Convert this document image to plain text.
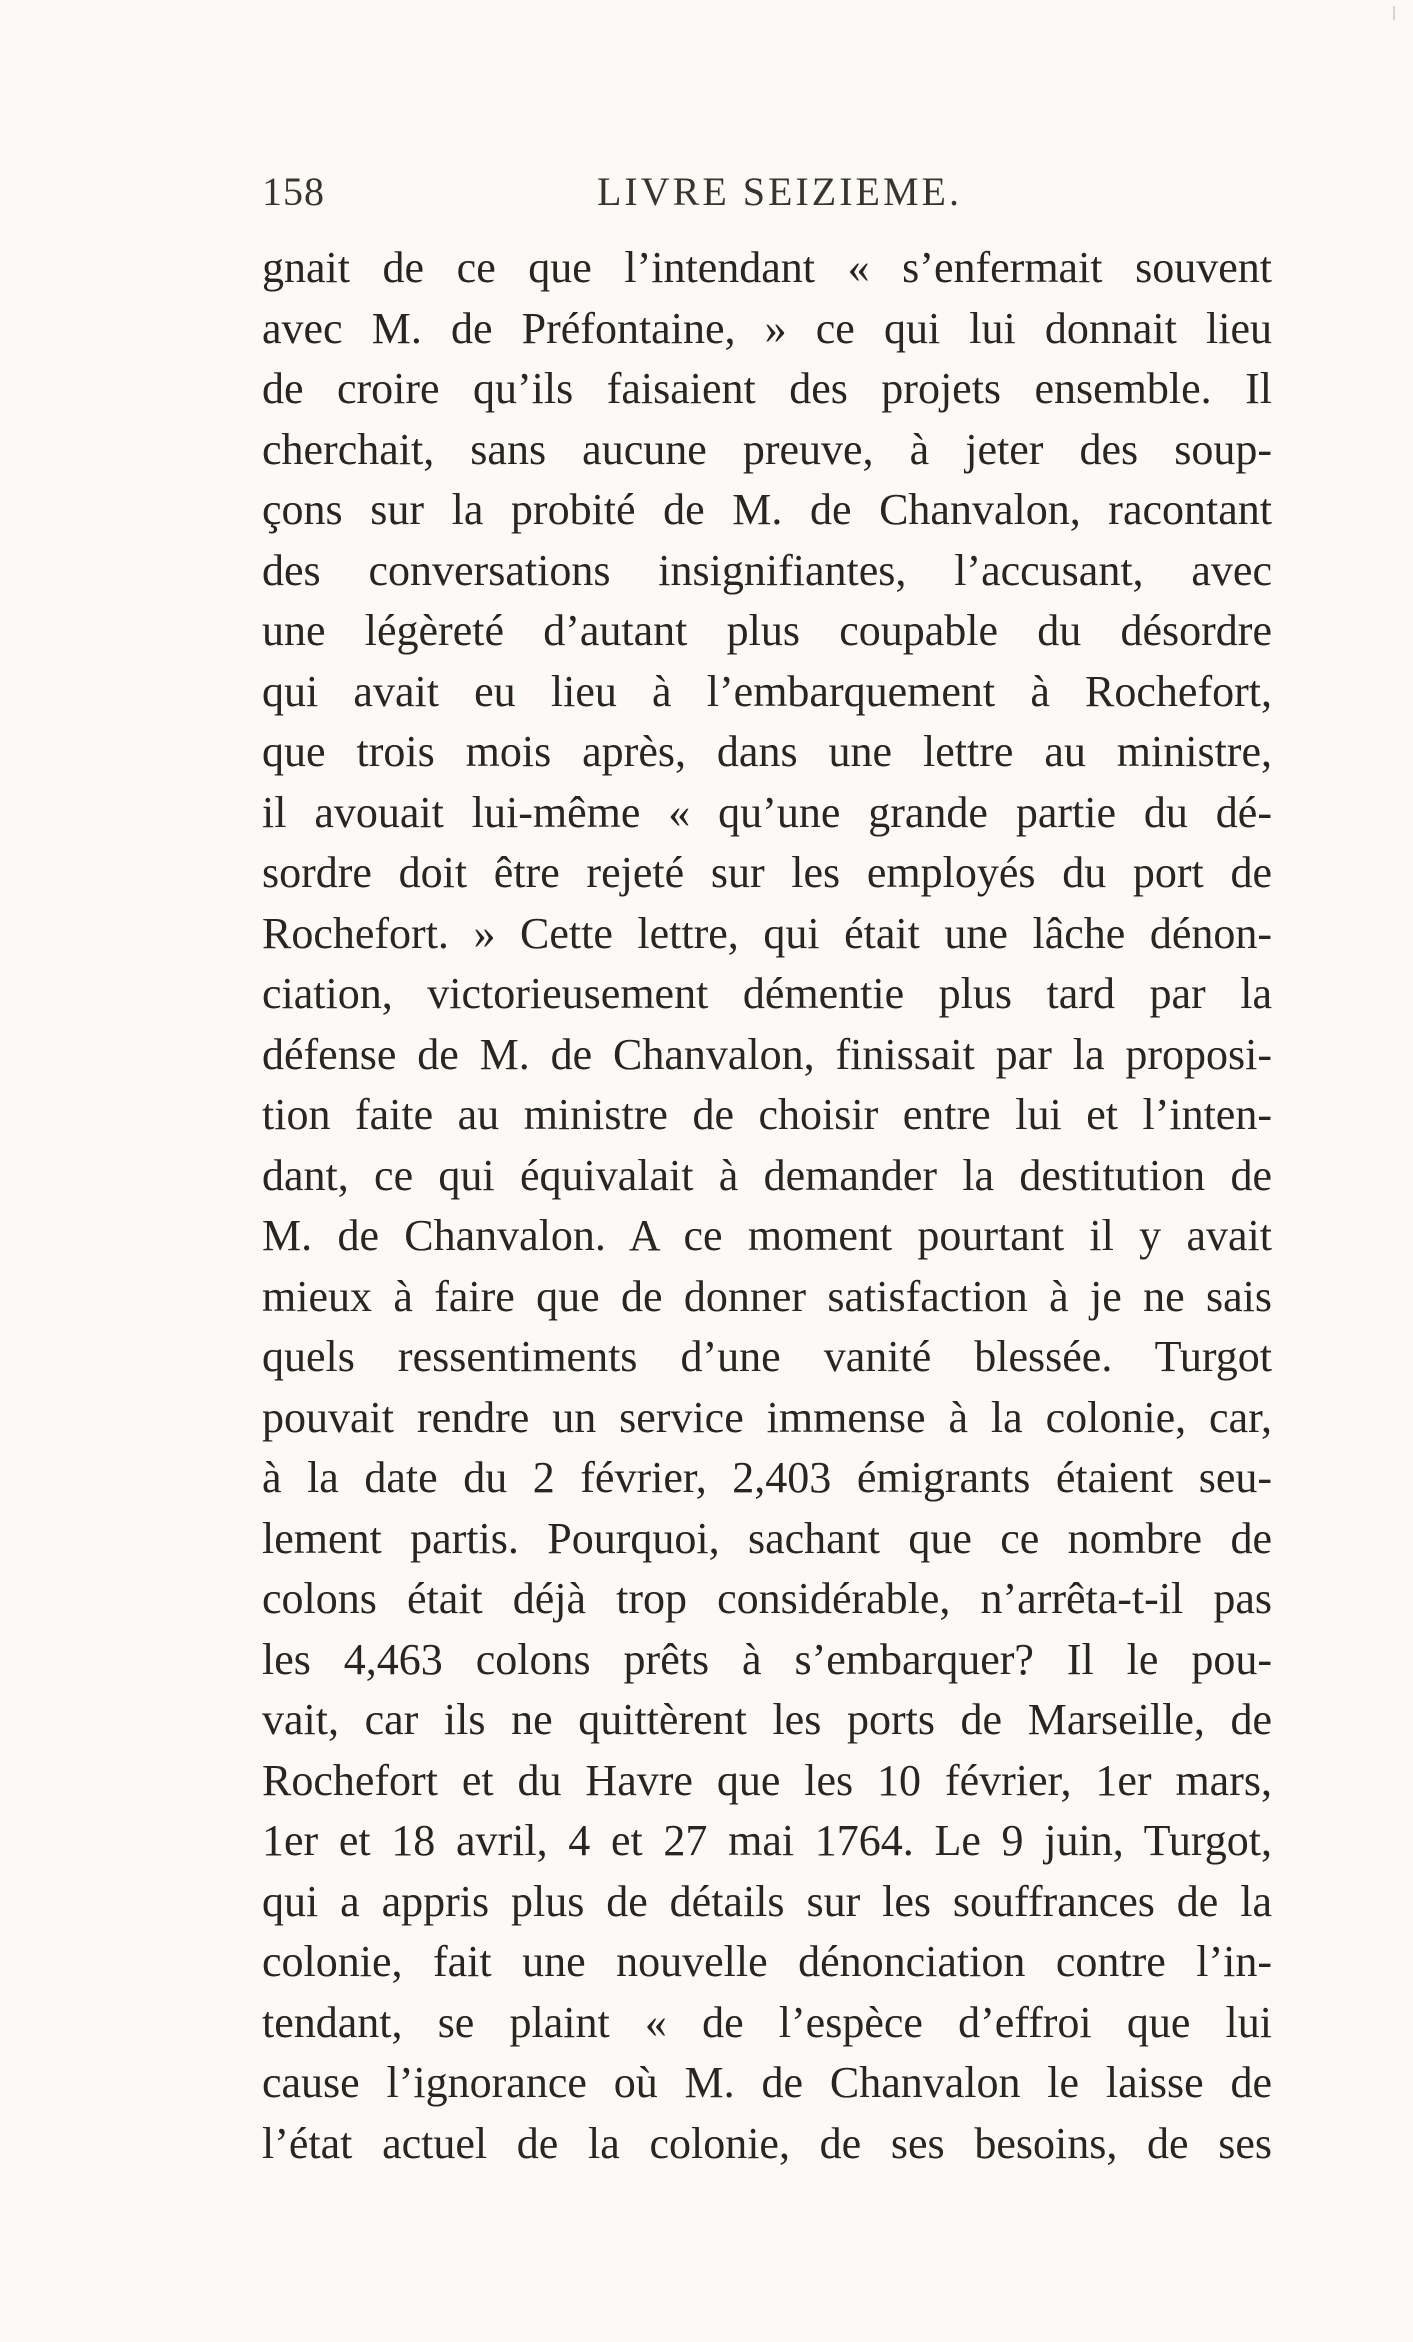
158	LIVRE SEIZIEME.
gnait de ce que l’intendant « s’enfermait souvent
avec M. de Préfontaine, » ce qui lui donnait lieu
de croire qu’ils faisaient des projets ensemble. Il
cherchait, sans aucune preuve, à jeter des soup-
çons sur la probité de M. de Chanvalon, racontant
des conversations insignifiantes, l’accusant, avec
une légèreté d’autant plus coupable du désordre
qui avait eu lieu à l’embarquement à Rochefort,
que trois mois après, dans une lettre au ministre,
il avouait lui-même « qu’une grande partie du dé-
sordre doit être rejeté sur les employés du port de
Rochefort. » Cette lettre, qui était une lâche dénon-
ciation, victorieusement démentie plus tard par la
défense de M. de Chanvalon, finissait par la proposi-
tion faite au ministre de choisir entre lui et l’inten-
dant, ce qui équivalait à demander la destitution de
M. de Chanvalon. A ce moment pourtant il y avait
mieux à faire que de donner satisfaction à je ne sais
quels ressentiments d’une vanité blessée. Turgot
pouvait rendre un service immense à la colonie, car,
à la date du 2 février, 2,403 émigrants étaient seu-
lement partis. Pourquoi, sachant que ce nombre de
colons était déjà trop considérable, n’arrêta-t-il pas
les 4,463 colons prêts à s’embarquer? Il le pou-
vait, car ils ne quittèrent les ports de Marseille, de
Rochefort et du Havre que les 10 février, 1er mars,
1er et 18 avril, 4 et 27 mai 1764. Le 9 juin, Turgot,
qui a appris plus de détails sur les souffrances de la
colonie, fait une nouvelle dénonciation contre l’in-
tendant, se plaint « de l’espèce d’effroi que lui
cause l’ignorance où M. de Chanvalon le laisse de
l’état actuel de la colonie, de ses besoins, de ses
